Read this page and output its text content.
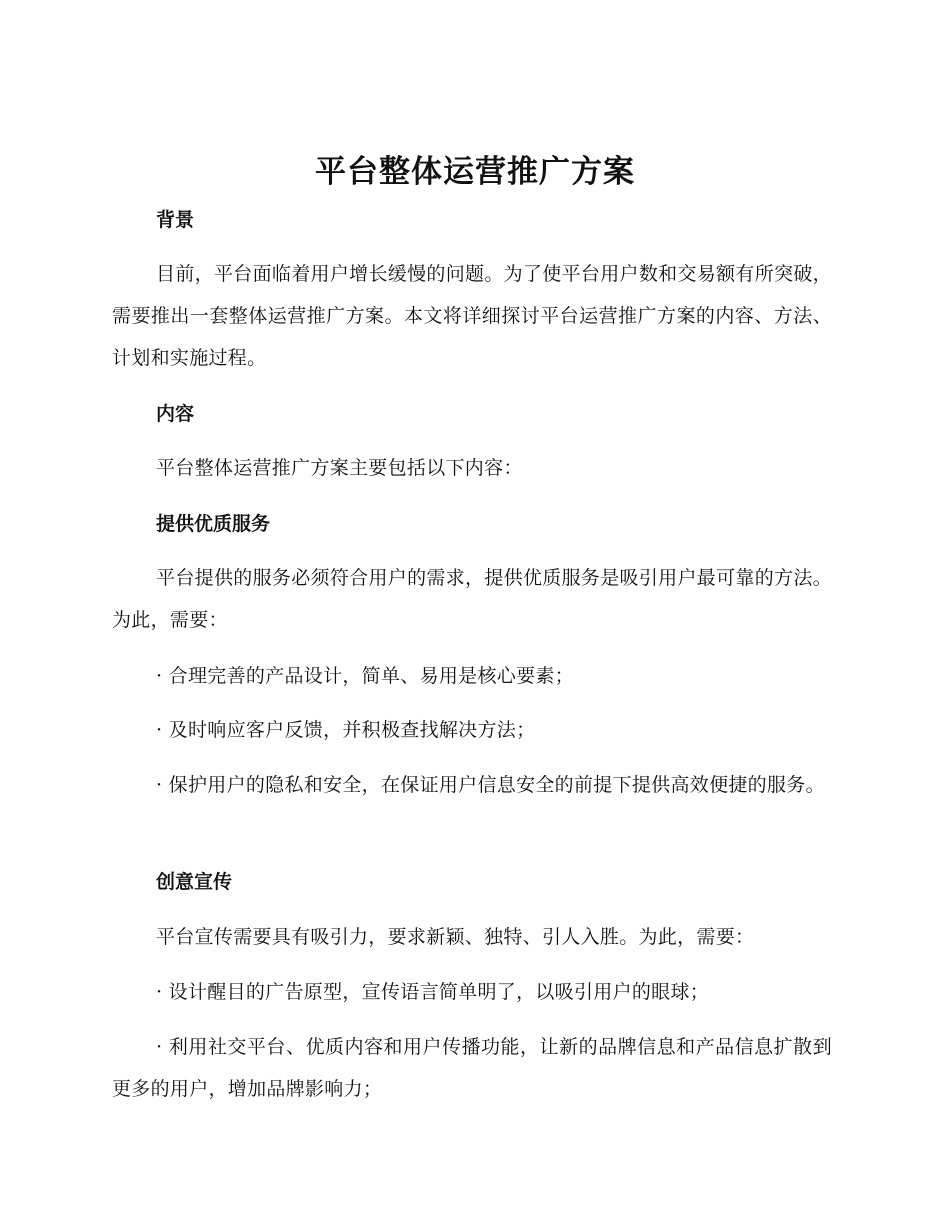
平台整体运营推广方案
背景

目前，平台面临着用户增长缓慢的问题。为了使平台用户数和交易额有所突破，需要推出一套整体运营推广方案。本文将详细探讨平台运营推广方案的内容、方法、计划和实施过程。

内容

平台整体运营推广方案主要包括以下内容：

提供优质服务

平台提供的服务必须符合用户的需求，提供优质服务是吸引用户最可靠的方法。为此，需要：

· 合理完善的产品设计，简单、易用是核心要素；

· 及时响应客户反馈，并积极查找解决方法；

· 保护用户的隐私和安全，在保证用户信息安全的前提下提供高效便捷的服务。

创意宣传

平台宣传需要具有吸引力，要求新颖、独特、引人入胜。为此，需要：

· 设计醒目的广告原型，宣传语言简单明了，以吸引用户的眼球；

· 利用社交平台、优质内容和用户传播功能，让新的品牌信息和产品信息扩散到更多的用户，增加品牌影响力；
